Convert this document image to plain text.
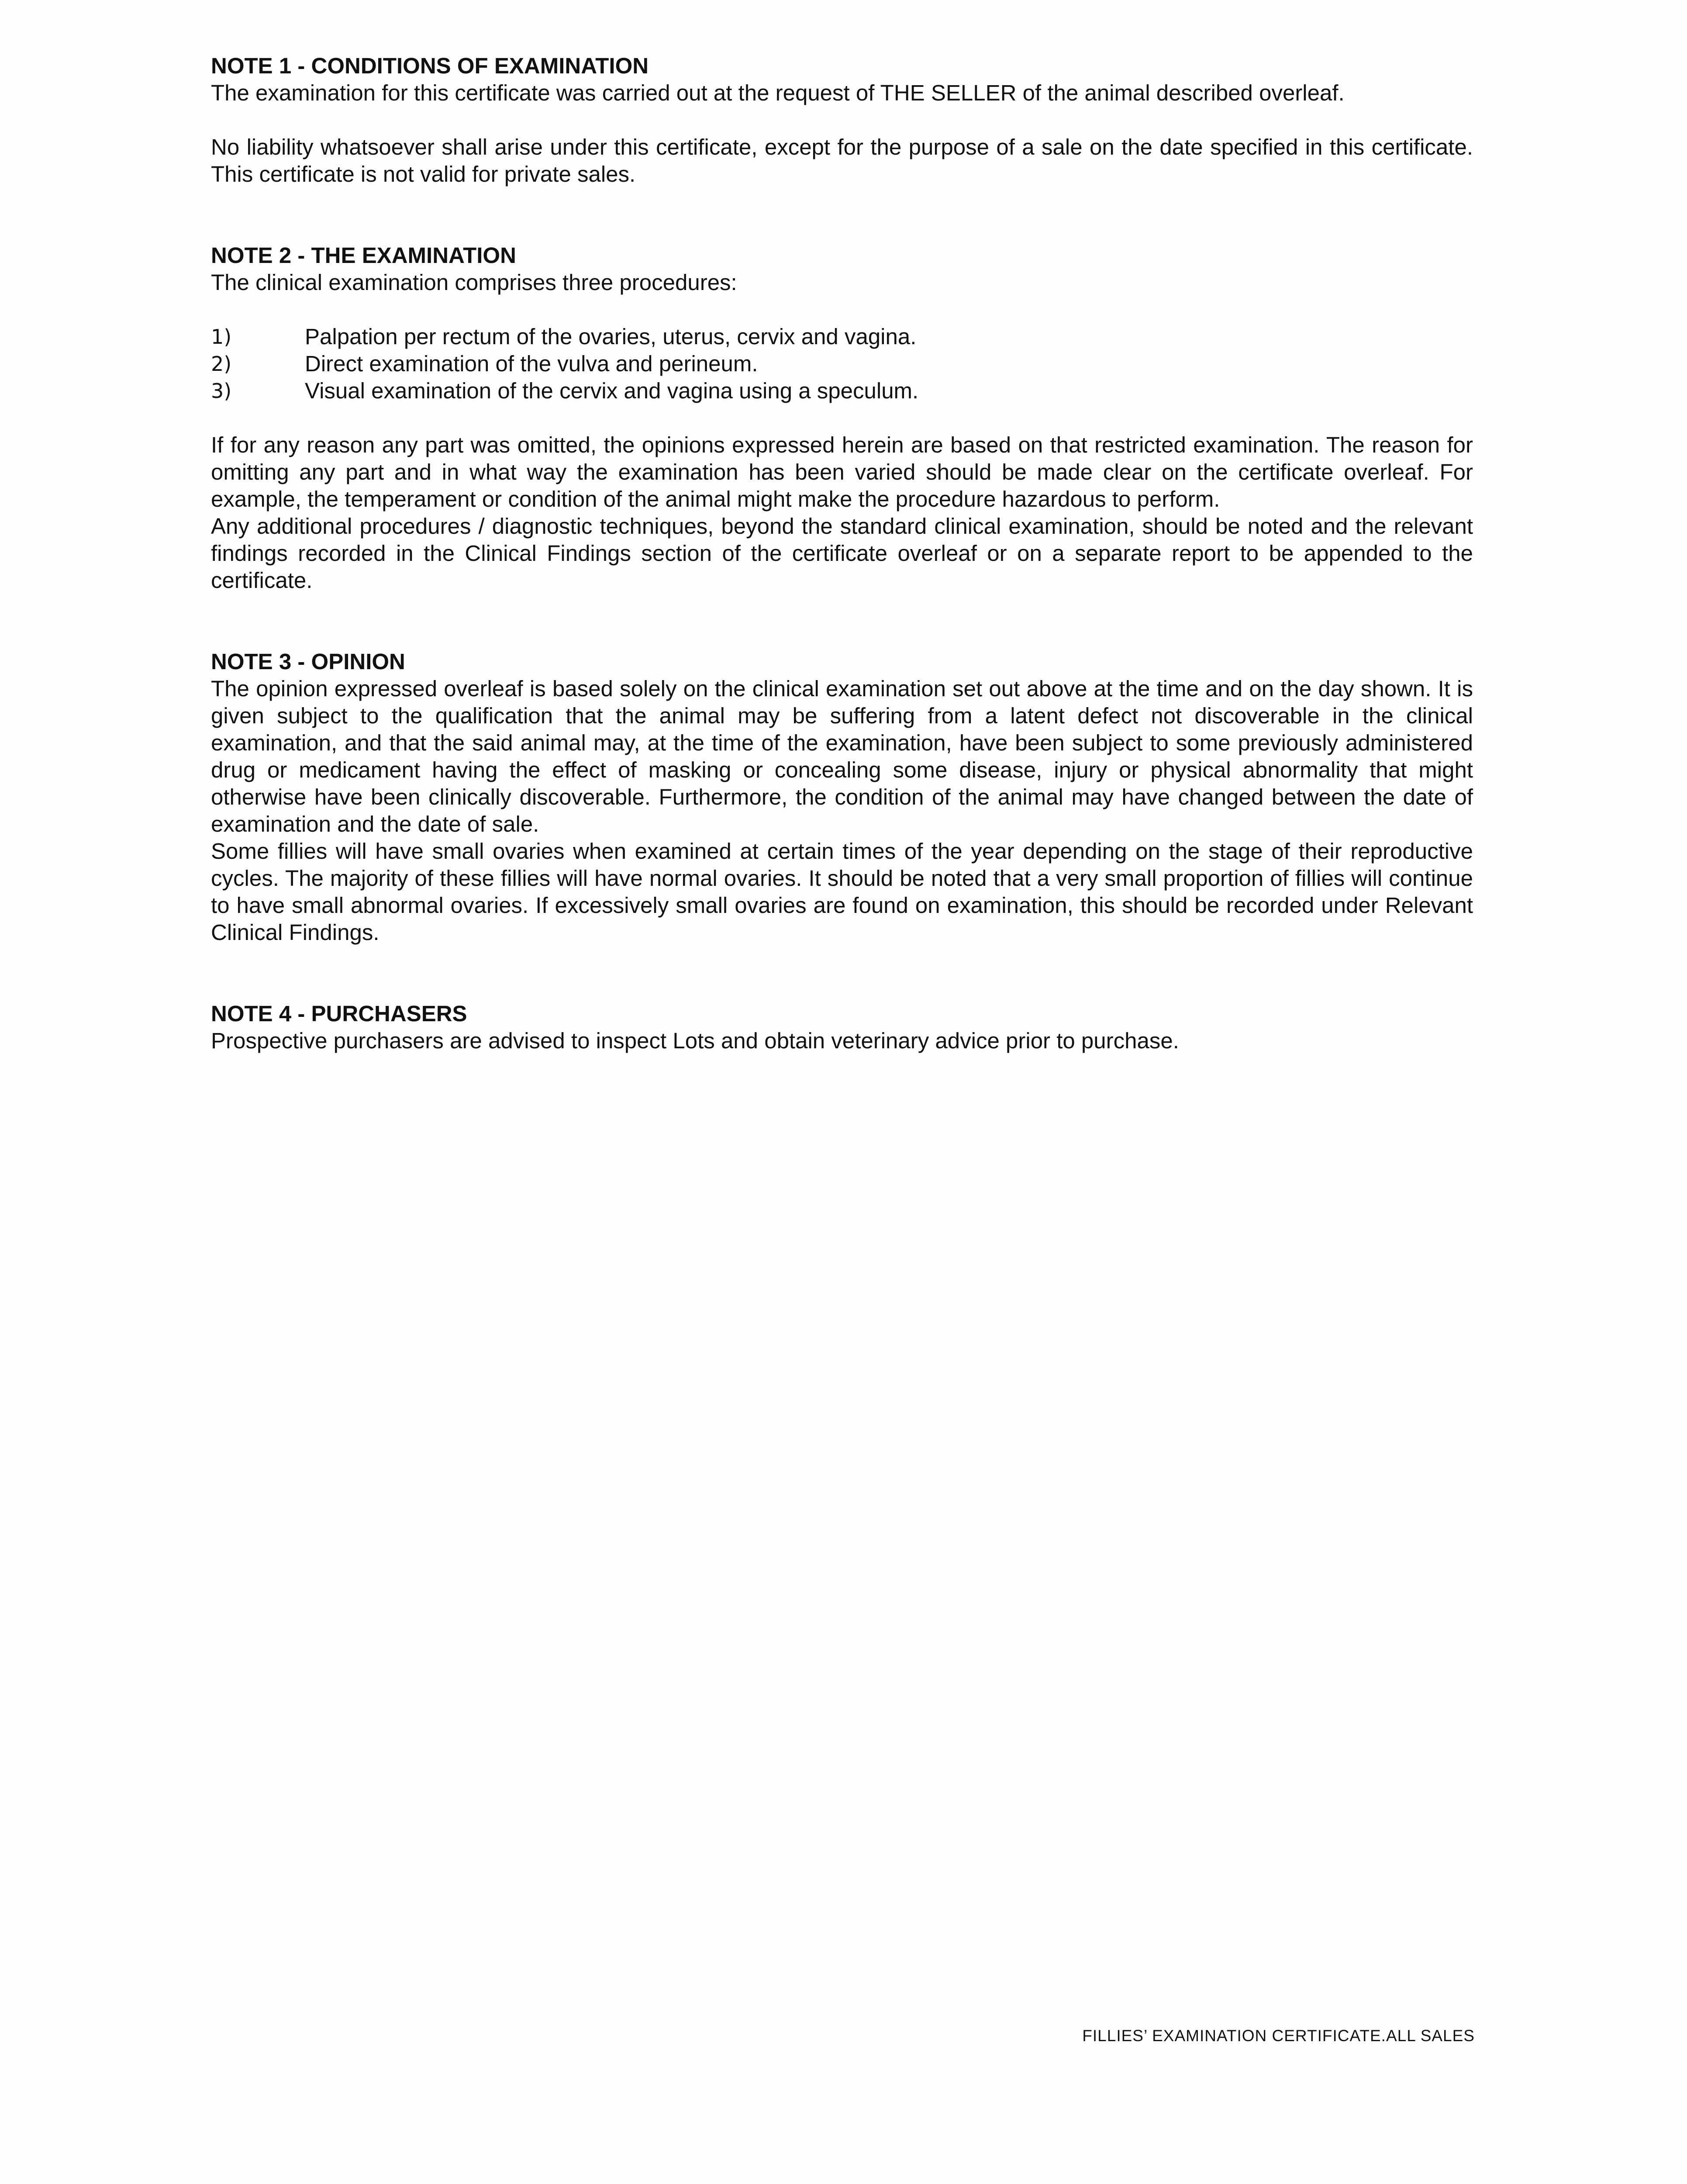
NOTE 1 - CONDITIONS OF EXAMINATION

The examination for this certificate was carried out at the request of THE SELLER of the animal described overleaf.

No liability whatsoever shall arise under this certificate, except for the purpose of a sale on the date specified in this certificate. This certificate is not valid for private sales.

NOTE 2 - THE EXAMINATION

The clinical examination comprises three procedures:

1)	Palpation per rectum of the ovaries, uterus, cervix and vagina.
2)	Direct examination of the vulva and perineum.
3)	Visual examination of the cervix and vagina using a speculum.

If for any reason any part was omitted, the opinions expressed herein are based on that restricted examination. The reason for omitting any part and in what way the examination has been varied should be made clear on the certificate overleaf. For example, the temperament or condition of the animal might make the procedure hazardous to perform.

Any additional procedures / diagnostic techniques, beyond the standard clinical examination, should be noted and the relevant findings recorded in the Clinical Findings section of the certificate overleaf or on a separate report to be appended to the certificate.

NOTE 3 - OPINION

The opinion expressed overleaf is based solely on the clinical examination set out above at the time and on the day shown. It is given subject to the qualification that the animal may be suffering from a latent defect not discoverable in the clinical examination, and that the said animal may, at the time of the examination, have been subject to some previously administered drug or medicament having the effect of masking or concealing some disease, injury or physical abnormality that might otherwise have been clinically discoverable. Furthermore, the condition of the animal may have changed between the date of examination and the date of sale.

Some fillies will have small ovaries when examined at certain times of the year depending on the stage of their reproductive cycles. The majority of these fillies will have normal ovaries. It should be noted that a very small proportion of fillies will continue to have small abnormal ovaries. If excessively small ovaries are found on examination, this should be recorded under Relevant Clinical Findings.

NOTE 4 - PURCHASERS

Prospective purchasers are advised to inspect Lots and obtain veterinary advice prior to purchase.

FILLIES’ EXAMINATION CERTIFICATE.ALL SALES
